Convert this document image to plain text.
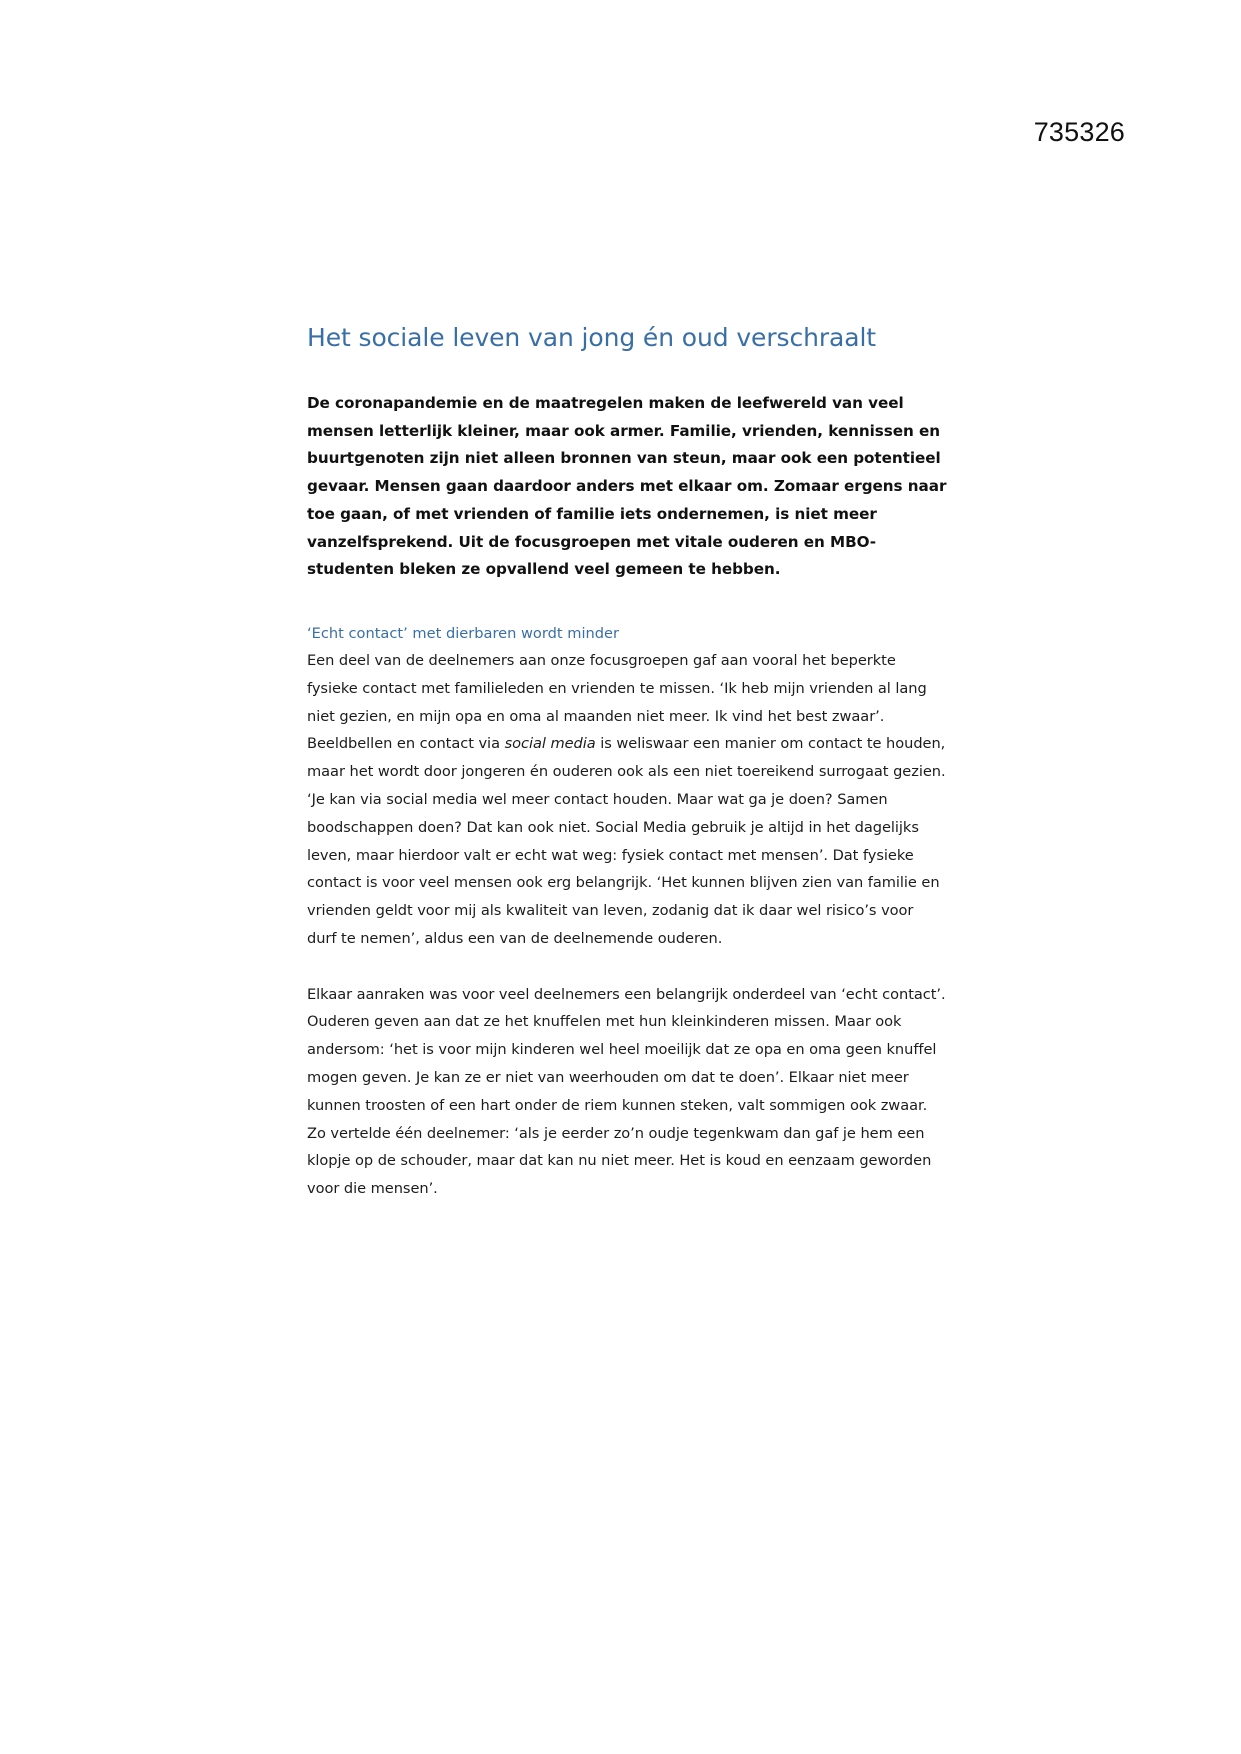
735326
Het sociale leven van jong én oud verschraalt

De coronapandemie en de maatregelen maken de leefwereld van veel mensen letterlijk kleiner, maar ook armer. Familie, vrienden, kennissen en buurtgenoten zijn niet alleen bronnen van steun, maar ook een potentieel gevaar. Mensen gaan daardoor anders met elkaar om. Zomaar ergens naar toe gaan, of met vrienden of familie iets ondernemen, is niet meer vanzelfsprekend. Uit de focusgroepen met vitale ouderen en MBO-studenten bleken ze opvallend veel gemeen te hebben.

‘Echt contact’ met dierbaren wordt minder

Een deel van de deelnemers aan onze focusgroepen gaf aan vooral het beperkte fysieke contact met familieleden en vrienden te missen. ‘Ik heb mijn vrienden al lang niet gezien, en mijn opa en oma al maanden niet meer. Ik vind het best zwaar’. Beeldbellen en contact via social media is weliswaar een manier om contact te houden, maar het wordt door jongeren én ouderen ook als een niet toereikend surrogaat gezien. ‘Je kan via social media wel meer contact houden. Maar wat ga je doen? Samen boodschappen doen? Dat kan ook niet. Social Media gebruik je altijd in het dagelijks leven, maar hierdoor valt er echt wat weg: fysiek contact met mensen’. Dat fysieke contact is voor veel mensen ook erg belangrijk. ‘Het kunnen blijven zien van familie en vrienden geldt voor mij als kwaliteit van leven, zodanig dat ik daar wel risico’s voor durf te nemen’, aldus een van de deelnemende ouderen.

Elkaar aanraken was voor veel deelnemers een belangrijk onderdeel van ‘echt contact’. Ouderen geven aan dat ze het knuffelen met hun kleinkinderen missen. Maar ook andersom: ‘het is voor mijn kinderen wel heel moeilijk dat ze opa en oma geen knuffel mogen geven. Je kan ze er niet van weerhouden om dat te doen’. Elkaar niet meer kunnen troosten of een hart onder de riem kunnen steken, valt sommigen ook zwaar. Zo vertelde één deelnemer: ‘als je eerder zo’n oudje tegenkwam dan gaf je hem een klopje op de schouder, maar dat kan nu niet meer. Het is koud en eenzaam geworden voor die mensen’.
